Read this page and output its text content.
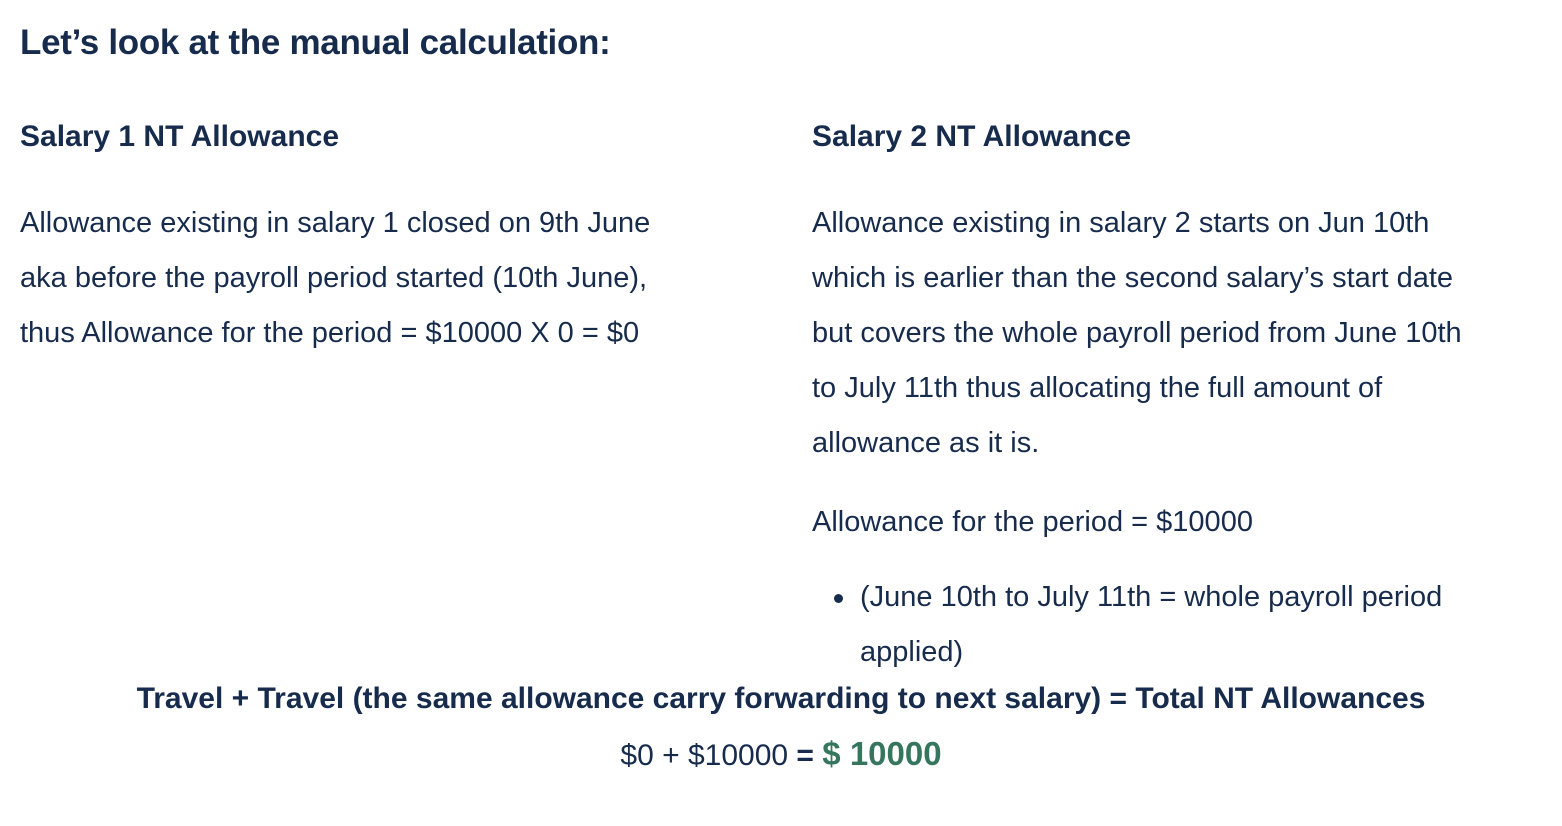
Let’s look at the manual calculation:
Salary 1 NT Allowance

Allowance existing in salary 1 closed on 9th June
aka before the payroll period started (10th June),
thus Allowance for the period = $10000 X 0 = $0

Salary 2 NT Allowance

Allowance existing in salary 2 starts on Jun 10th
which is earlier than the second salary’s start date
but covers the whole payroll period from June 10th
to July 11th thus allocating the full amount of
allowance as it is.

Allowance for the period = $10000

(June 10th to July 11th = whole payroll period
applied)
Travel + Travel (the same allowance carry forwarding to next salary) = Total NT Allowances
$0 + $10000 = $ 10000
